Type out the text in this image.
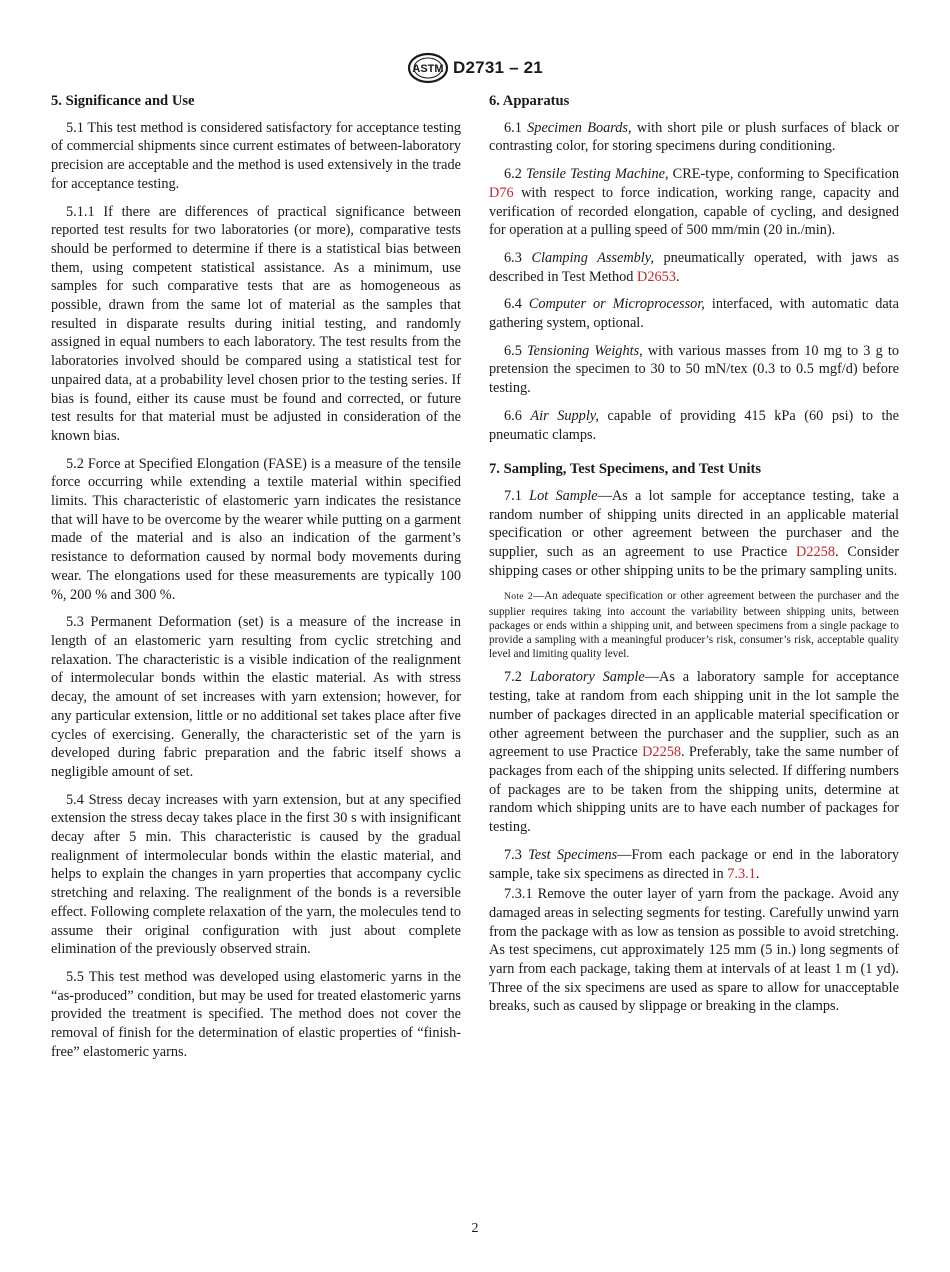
ASTM D2731 – 21
5. Significance and Use

5.1 This test method is considered satisfactory for acceptance testing of commercial shipments since current estimates of between-laboratory precision are acceptable and the method is used extensively in the trade for acceptance testing.

5.1.1 If there are differences of practical significance between reported test results for two laboratories (or more), comparative tests should be performed to determine if there is a statistical bias between them, using competent statistical assistance. As a minimum, use samples for such comparative tests that are as homogeneous as possible, drawn from the same lot of material as the samples that resulted in disparate results during initial testing, and randomly assigned in equal numbers to each laboratory. The test results from the laboratories involved should be compared using a statistical test for unpaired data, at a probability level chosen prior to the testing series. If bias is found, either its cause must be found and corrected, or future test results for that material must be adjusted in consideration of the known bias.

5.2 Force at Specified Elongation (FASE) is a measure of the tensile force occurring while extending a textile material within specified limits. This characteristic of elastomeric yarn indicates the resistance that will have to be overcome by the wearer while putting on a garment made of the material and is also an indication of the garment’s resistance to deformation caused by normal body movements during wear. The elongations used for these measurements are typically 100 %, 200 % and 300 %.

5.3 Permanent Deformation (set) is a measure of the increase in length of an elastomeric yarn resulting from cyclic stretching and relaxation. The characteristic is a visible indication of the realignment of intermolecular bonds within the elastic material. As with stress decay, the amount of set increases with yarn extension; however, for any particular extension, little or no additional set takes place after five cycles of exercising. Generally, the characteristic set of the yarn is developed during fabric preparation and the fabric itself shows a negligible amount of set.

5.4 Stress decay increases with yarn extension, but at any specified extension the stress decay takes place in the first 30 s with insignificant decay after 5 min. This characteristic is caused by the gradual realignment of intermolecular bonds within the elastic material, and helps to explain the changes in yarn properties that accompany cyclic stretching and relaxing. The realignment of the bonds is a reversible effect. Following complete relaxation of the yarn, the molecules tend to assume their original configuration with just about complete elimination of the previously observed strain.

5.5 This test method was developed using elastomeric yarns in the “as-produced” condition, but may be used for treated elastomeric yarns provided the treatment is specified. The method does not cover the removal of finish for the determination of elastic properties of “finish-free” elastomeric yarns.

6. Apparatus

6.1 Specimen Boards, with short pile or plush surfaces of black or contrasting color, for storing specimens during conditioning.

6.2 Tensile Testing Machine, CRE-type, conforming to Specification D76 with respect to force indication, working range, capacity and verification of recorded elongation, capable of cycling, and designed for operation at a pulling speed of 500 mm/min (20 in./min).

6.3 Clamping Assembly, pneumatically operated, with jaws as described in Test Method D2653.

6.4 Computer or Microprocessor, interfaced, with automatic data gathering system, optional.

6.5 Tensioning Weights, with various masses from 10 mg to 3 g to pretension the specimen to 30 to 50 mN/tex (0.3 to 0.5 mgf/d) before testing.

6.6 Air Supply, capable of providing 415 kPa (60 psi) to the pneumatic clamps.

7. Sampling, Test Specimens, and Test Units

7.1 Lot Sample—As a lot sample for acceptance testing, take a random number of shipping units directed in an applicable material specification or other agreement between the purchaser and the supplier, such as an agreement to use Practice D2258. Consider shipping cases or other shipping units to be the primary sampling units.

Note 2—An adequate specification or other agreement between the purchaser and the supplier requires taking into account the variability between shipping units, between packages or ends within a shipping unit, and between specimens from a single package to provide a sampling with a meaningful producer’s risk, consumer’s risk, acceptable quality level and limiting quality level.

7.2 Laboratory Sample—As a laboratory sample for acceptance testing, take at random from each shipping unit in the lot sample the number of packages directed in an applicable material specification or other agreement between the purchaser and the supplier, such as an agreement to use Practice D2258. Preferably, take the same number of packages from each of the shipping units selected. If differing numbers of packages are to be taken from the shipping units, determine at random which shipping units are to have each number of packages for testing.

7.3 Test Specimens—From each package or end in the laboratory sample, take six specimens as directed in 7.3.1.

7.3.1 Remove the outer layer of yarn from the package. Avoid any damaged areas in selecting segments for testing. Carefully unwind yarn from the package with as low as tension as possible to avoid stretching. As test specimens, cut approximately 125 mm (5 in.) long segments of yarn from each package, taking them at intervals of at least 1 m (1 yd). Three of the six specimens are used as spare to allow for unacceptable breaks, such as caused by slippage or breaking in the clamps.

2
